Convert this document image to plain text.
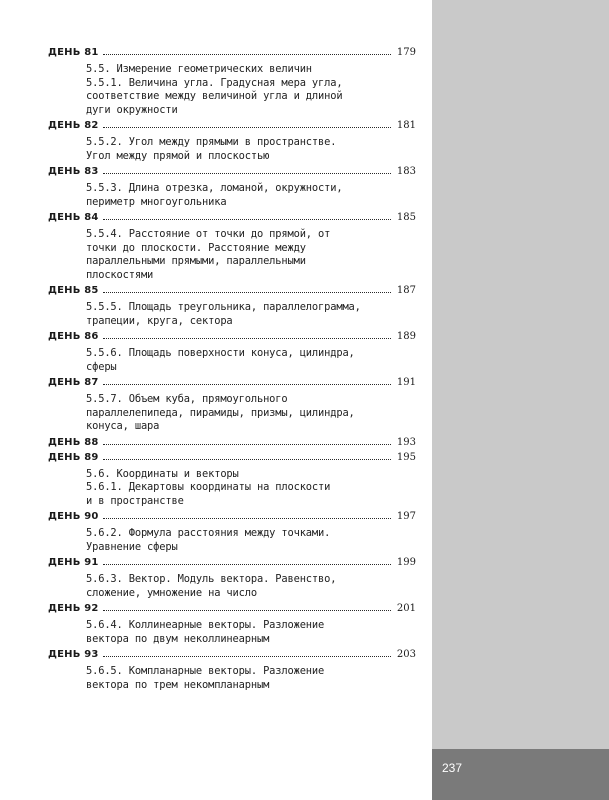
237
ДЕНЬ 81	179
5.5. Измерение геометрических величин
5.5.1. Величина угла. Градусная мера угла,
соответствие между величиной угла и длиной
дуги окружности
ДЕНЬ 82	181
5.5.2. Угол между прямыми в пространстве.
Угол между прямой и плоскостью
ДЕНЬ 83	183
5.5.3. Длина отрезка, ломаной, окружности,
периметр многоугольника
ДЕНЬ 84	185
5.5.4. Расстояние от точки до прямой, от
точки до плоскости. Расстояние между
параллельными прямыми, параллельными
плоскостями
ДЕНЬ 85	187
5.5.5. Площадь треугольника, параллелограмма,
трапеции, круга, сектора
ДЕНЬ 86	189
5.5.6. Площадь поверхности конуса, цилиндра,
сферы
ДЕНЬ 87	191
5.5.7. Объем куба, прямоугольного
параллелепипеда, пирамиды, призмы, цилиндра,
конуса, шара
ДЕНЬ 88	193
ДЕНЬ 89	195
5.6. Координаты и векторы
5.6.1. Декартовы координаты на плоскости
и в пространстве
ДЕНЬ 90	197
5.6.2. Формула расстояния между точками.
Уравнение сферы
ДЕНЬ 91	199
5.6.3. Вектор. Модуль вектора. Равенство,
сложение, умножение на число
ДЕНЬ 92	201
5.6.4. Коллинеарные векторы. Разложение
вектора по двум неколлинеарным
ДЕНЬ 93	203
5.6.5. Компланарные векторы. Разложение
вектора по трем некомпланарным
